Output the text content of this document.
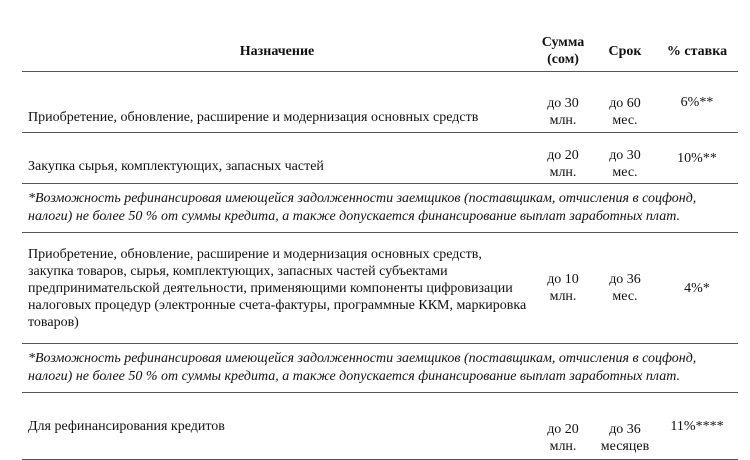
Назначение	Сумма (сом)	Срок	% ставка
Приобретение, обновление, расширение и модернизация основных средств	до 30 млн.	до 60 мес.	6%**
Закупка сырья, комплектующих, запасных частей	до 20 млн.	до 30 мес.	10%**
*Возможность рефинансировая имеющейся задолженности заемщиков (поставщикам, отчисления в соцфонд, налоги) не более 50 % от суммы кредита, а также допускается финансирование выплат заработных плат.			
Приобретение, обновление, расширение и модернизация основных средств, закупка товаров, сырья, комплектующих, запасных частей субъектами предпринимательской деятельности, применяющими компоненты цифровизации налоговых процедур (электронные счета-фактуры, программные ККМ, маркировка товаров)	до 10 млн.	до 36 мес.	4%*
*Возможность рефинансировая имеющейся задолженности заемщиков (поставщикам, отчисления в соцфонд, налоги) не более 50 % от суммы кредита, а также допускается финансирование выплат заработных плат.			
Для рефинансирования кредитов	до 20 млн.	до 36 месяцев	11%****
